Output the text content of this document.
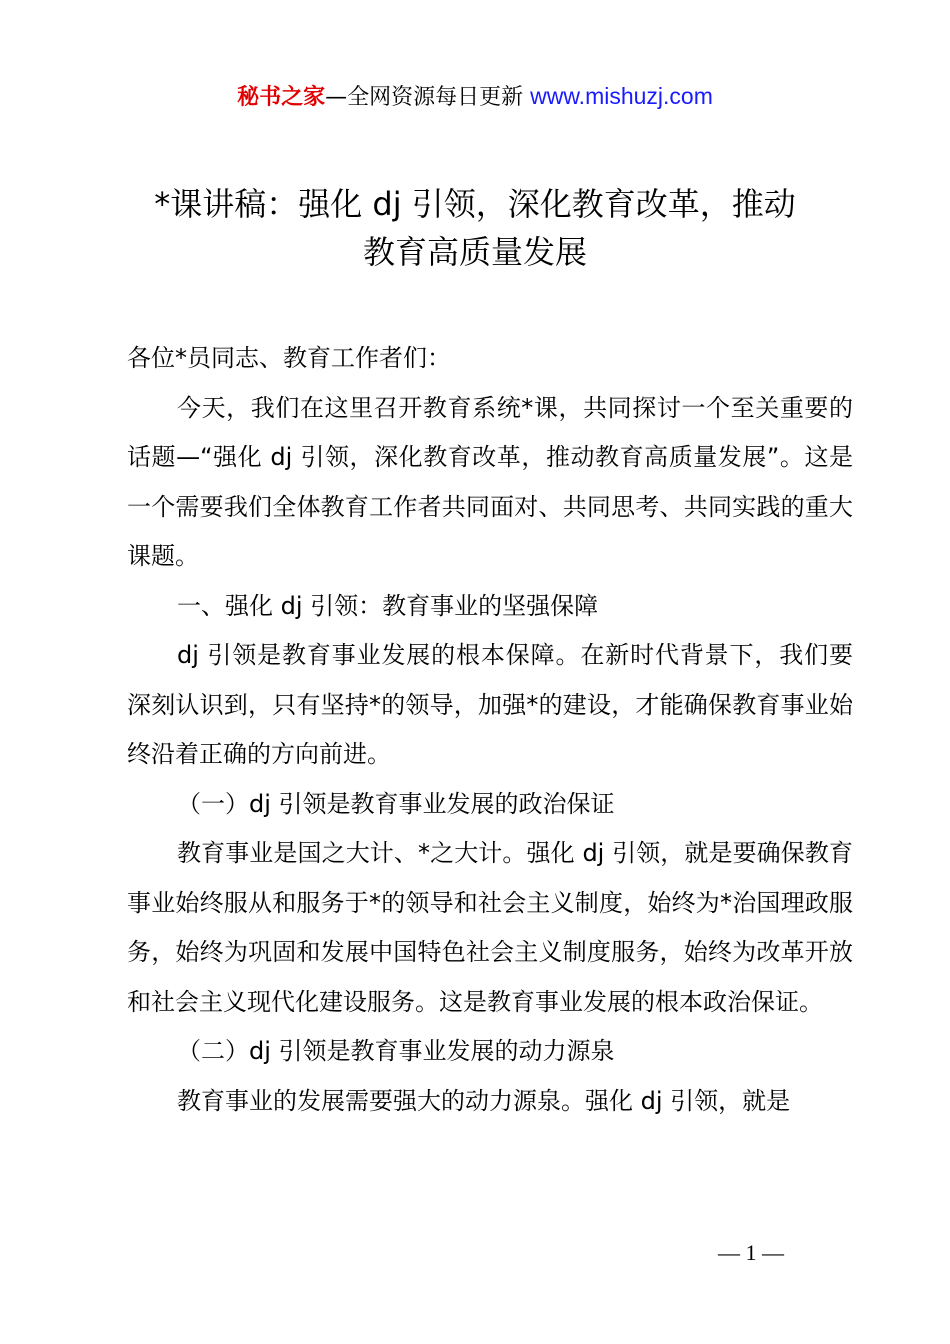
秘书之家—全网资源每日更新 www.mishuzj.com
*课讲稿：强化 dj 引领，深化教育改革，推动
教育高质量发展

各位*员同志、教育工作者们：

今天，我们在这里召开教育系统*课，共同探讨一个至关重要的话题—“强化 dj 引领，深化教育改革，推动教育高质量发展”。这是一个需要我们全体教育工作者共同面对、共同思考、共同实践的重大课题。

一、强化 dj 引领：教育事业的坚强保障

dj 引领是教育事业发展的根本保障。在新时代背景下，我们要深刻认识到，只有坚持*的领导，加强*的建设，才能确保教育事业始终沿着正确的方向前进。

（一）dj 引领是教育事业发展的政治保证

教育事业是国之大计、*之大计。强化 dj 引领，就是要确保教育事业始终服从和服务于*的领导和社会主义制度，始终为*治国理政服务，始终为巩固和发展中国特色社会主义制度服务，始终为改革开放和社会主义现代化建设服务。这是教育事业发展的根本政治保证。

（二）dj 引领是教育事业发展的动力源泉

教育事业的发展需要强大的动力源泉。强化 dj 引领，就是

— 1 —
